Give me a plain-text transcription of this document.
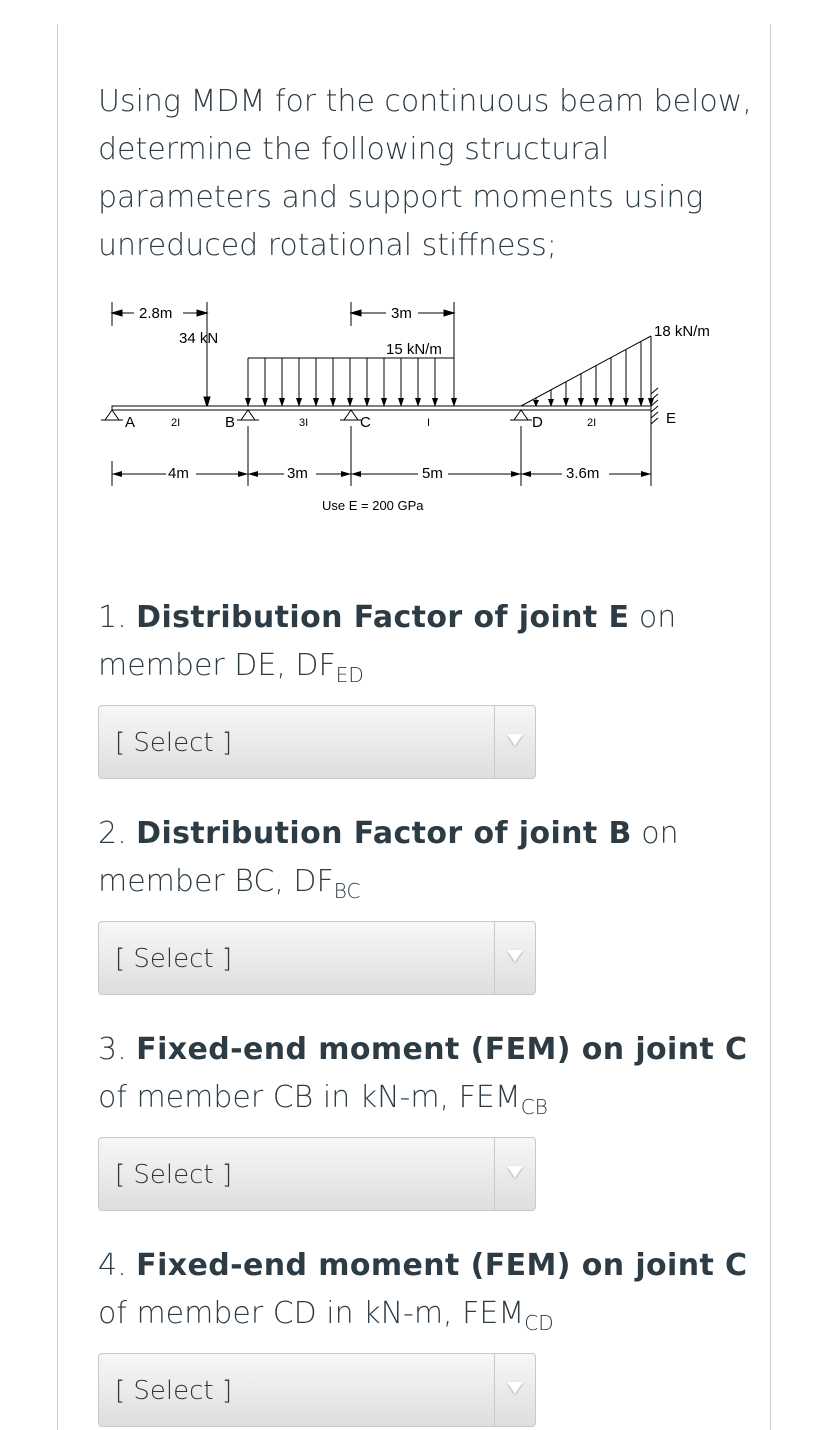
Using MDM for the continuous beam below, determine the following structural parameters and support moments using unreduced rotational stiffness;
2.8m	3m
34 kN
15 kN/m
18 kN/m
A	B	C	D	E
4m	3m	5m	3.6m
2I	3I	I	2I
Use E = 200 GPa
1. Distribution Factor of joint E on member DE, $DF_{ED}$
[ Select ]
2. Distribution Factor of joint B on member BC, $DF_{BC}$
[ Select ]
3. Fixed-end moment (FEM) on joint C of member CB in kN-m, $FEM_{CB}$
[ Select ]
4. Fixed-end moment (FEM) on joint C of member CD in kN-m, $FEM_{CD}$
[ Select ]
